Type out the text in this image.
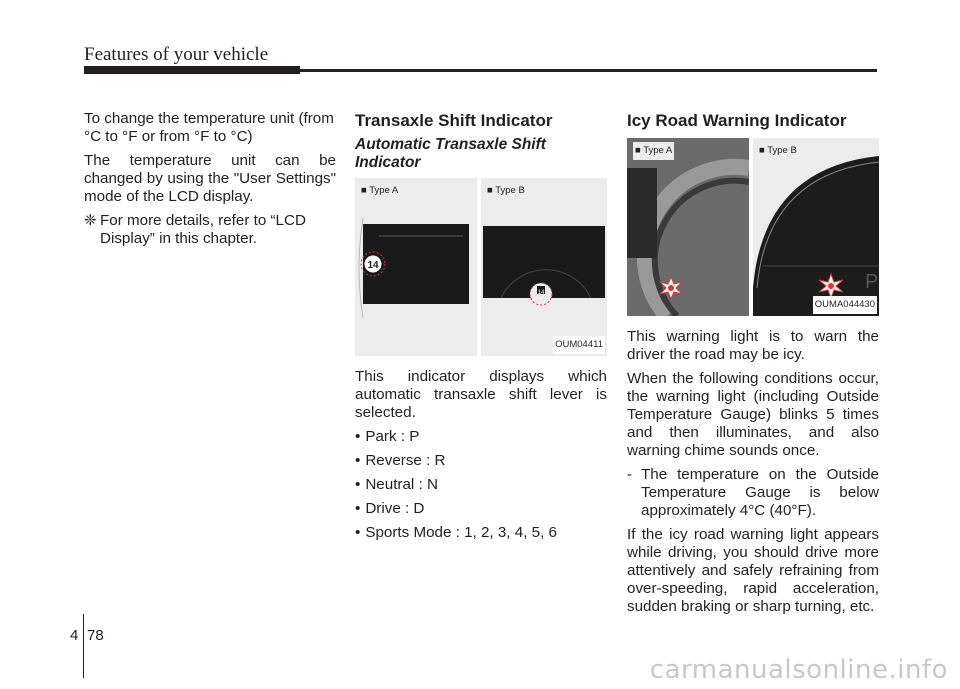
Features of your vehicle

To change the temperature unit (from °C to °F or from °F to °C)

The temperature unit can be changed by using the "User Settings" mode of the LCD display.

❈ For more details, refer to “LCD Display” in this chapter.

Transaxle Shift Indicator
Automatic Transaxle Shift Indicator
■ Type A
14
■ Type B
14
OUM04411

This indicator displays which automatic transaxle shift lever is selected.

• Park : P
• Reverse : R
• Neutral : N
• Drive : D
• Sports Mode : 1, 2, 3, 4, 5, 6
Icy Road Warning Indicator
■ Type A	■ Type B
P
OUMA044430

This warning light is to warn the driver the road may be icy.

When the following conditions occur, the warning light (including Outside Temperature Gauge) blinks 5 times and then illuminates, and also warning chime sounds once.

- The temperature on the Outside Temperature Gauge is below approximately 4°C (40°F).

If the icy road warning light appears while driving, you should drive more attentively and safely refraining from over-speeding, rapid acceleration, sudden braking or sharp turning, etc.

4 78
carmanualsonline.info
